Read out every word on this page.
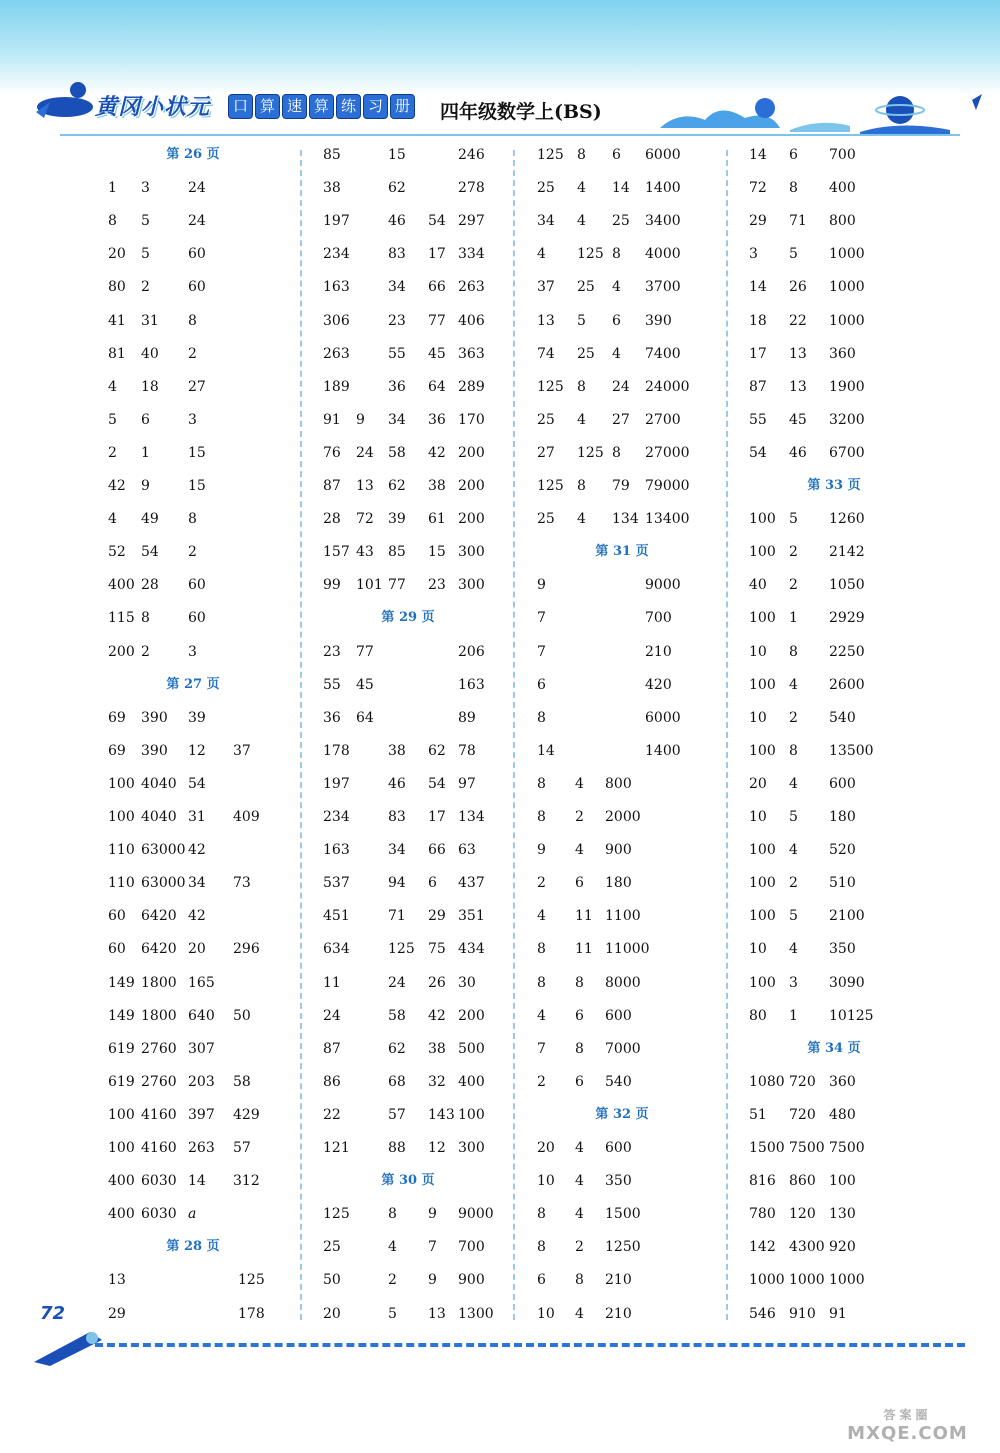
黄冈小状元	口 算 速 算 练 习 册 四年级数学上(BS)
第 26 页
1 3	24
8 5	24
20 5	60
80 2	60
41 31 8
81 40 2
4 18 27
5 6	3
2 1	15
42 9	15
4 49 8
52 54 2
400 28 60
115 8	60
200 2	3
第 27 页
69 390 39
69 390 12 37
100 4040 54
100 4040 31 409
110 63000 42
110 63000 34 73
60 6420 42
60 6420 20 296
149 1800 165
149 1800 640 50
619 2760 307
619 2760 203 58
100 4160 397 429
100 4160 263 57
400 6030 14 312
400 6030 a
第 28 页
13	125
29	178
85	15	246
38	62	278
197	46 54 297
234	83 17 334
163	34 66 263
306	23 77 406
263	55 45 363
189	36 64 289
91 9 34 36 170
76 24 58 42 200
87 13 62 38 200
28 72 39 61 200
157 43 85 15 300
99 101 77 23 300
第 29 页
23 77	206
55 45	163
36 64	89
178	38 62 78
197	46 54 97
234	83 17 134
163	34 66 63
537	94 6 437
451	71 29 351
634	125 75 434
11	24 26 30
24	58 42 200
87	62 38 500
86	68 32 400
22	57 143 100
121	88 12 300
第 30 页
125	8 9 9000
25	4 7 700
50	2 9 900
20	5 13 1300
125 8 6 6000
25 4 14 1400
34 4 25 3400
4 125 8 4000
37 25 4 3700
13 5 6 390
74 25 4 7400
125 8 24 24000
25 4 27 2700
27 125 8 27000
125 8 79 79000
25 4 134 13400
第 31 页
9	9000
7	700
7	210
6	420
8	6000
14	1400
8 4 800
8 2 2000
9 4 900
2 6 180
4 11 1100
8 11 11000
8 8 8000
4 6 600
7 8 7000
2 6 540
第 32 页
20 4 600
10 4 350
8 4 1500
8 2 1250
6 8 210
10 4 210
14 6 700
72 8 400
29 71 800
3 5 1000
14 26 1000
18 22 1000
17 13 360
87 13 1900
55 45 3200
54 46 6700
第 33 页
100 5 1260
100 2 2142
40 2 1050
100 1 2929
10 8 2250
100 4 2600
10 2 540
100 8 13500
20 4 600
10 5 180
100 4 520
100 2 510
100 5 2100
10 4 350
100 3 3090
80 1 10125
第 34 页
1080 720 360
51 720 480
1500 7500 7500
816 860 100
780 120 130
142 4300 920
1000 1000 1000
546 910 91
72
答案圈
MXQE.COM
